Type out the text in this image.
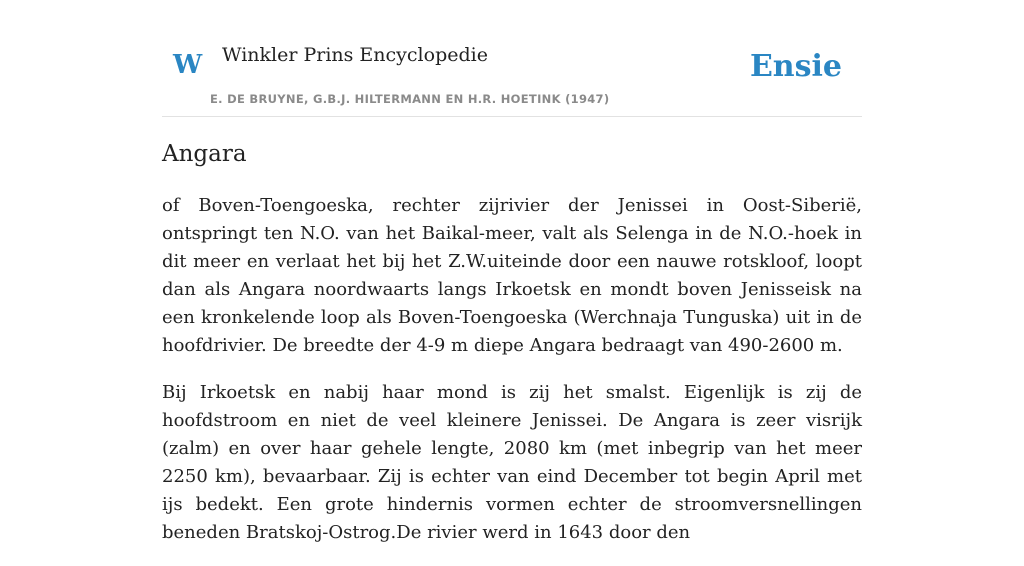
W Winkler Prins Encyclopedie
E. DE BRUYNE, G.B.J. HILTERMANN EN H.R. HOETINK (1947)
Ensie
Angara

of Boven-Toengoeska, rechter zijrivier der Jenissei in Oost-Siberië, ontspringt ten N.O. van het Baikal-meer, valt als Selenga in de N.O.-hoek in dit meer en verlaat het bij het Z.W.uiteinde door een nauwe rotskloof, loopt dan als Angara noordwaarts langs Irkoetsk en mondt boven Jenisseisk na een kronkelende loop als Boven-Toengoeska (Werchnaja Tunguska) uit in de hoofdrivier. De breedte der 4-9 m diepe Angara bedraagt van 490-2600 m.

Bij Irkoetsk en nabij haar mond is zij het smalst. Eigenlijk is zij de hoofdstroom en niet de veel kleinere Jenissei. De Angara is zeer visrijk (zalm) en over haar gehele lengte, 2080 km (met inbegrip van het meer 2250 km), bevaarbaar. Zij is echter van eind December tot begin April met ijs bedekt. Een grote hindernis vormen echter de stroomversnellingen beneden Bratskoj-Ostrog.De rivier werd in 1643 door den
